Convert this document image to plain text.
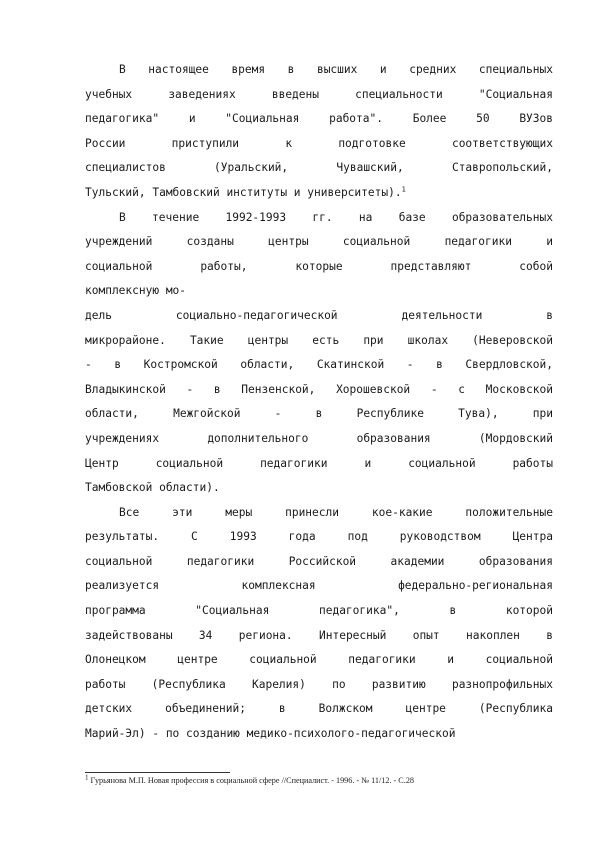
В настоящее время в высших и средних специальных
учебных заведениях введены специальности "Социальная
педагогика" и "Социальная работа". Более 50 ВУЗов
России приступили к подготовке соответствующих
специалистов (Уральский, Чувашский, Ставропольский,
Тульский, Тамбовский институты и университеты).$^1$

В течение 1992-1993 гг. на базе образовательных
учреждений созданы центры социальной педагогики и
социальной работы, которые представляют собой
комплексную мо-
дель социально-педагогической деятельности в
микрорайоне. Такие центры есть при школах (Неверовской
- в Костромской области, Скатинской - в Свердловской,
Владыкинской - в Пензенской, Хорошевской - с Московской
области, Межгойской - в Республике Тува), при
учреждениях дополнительного образования (Мордовский
Центр социальной педагогики и социальной работы
Тамбовской области).

Все эти меры принесли кое-какие положительные
результаты. С 1993 года под руководством Центра
социальной педагогики Российской академии образования
реализуется комплексная федерально-региональная
программа "Социальная педагогика", в которой
задействованы 34 региона. Интересный опыт накоплен в
Олонецком центре социальной педагогики и социальной
работы (Республика Карелия) по развитию разнопрофильных
детских объединений; в Волжском центре (Республика
Марий-Эл) - по созданию медико-психолого-педагогической

$^1$ Гурьянова М.П. Новая профессия в социальной сфере //Специалист. - 1996. - № 11/12. - С.28
